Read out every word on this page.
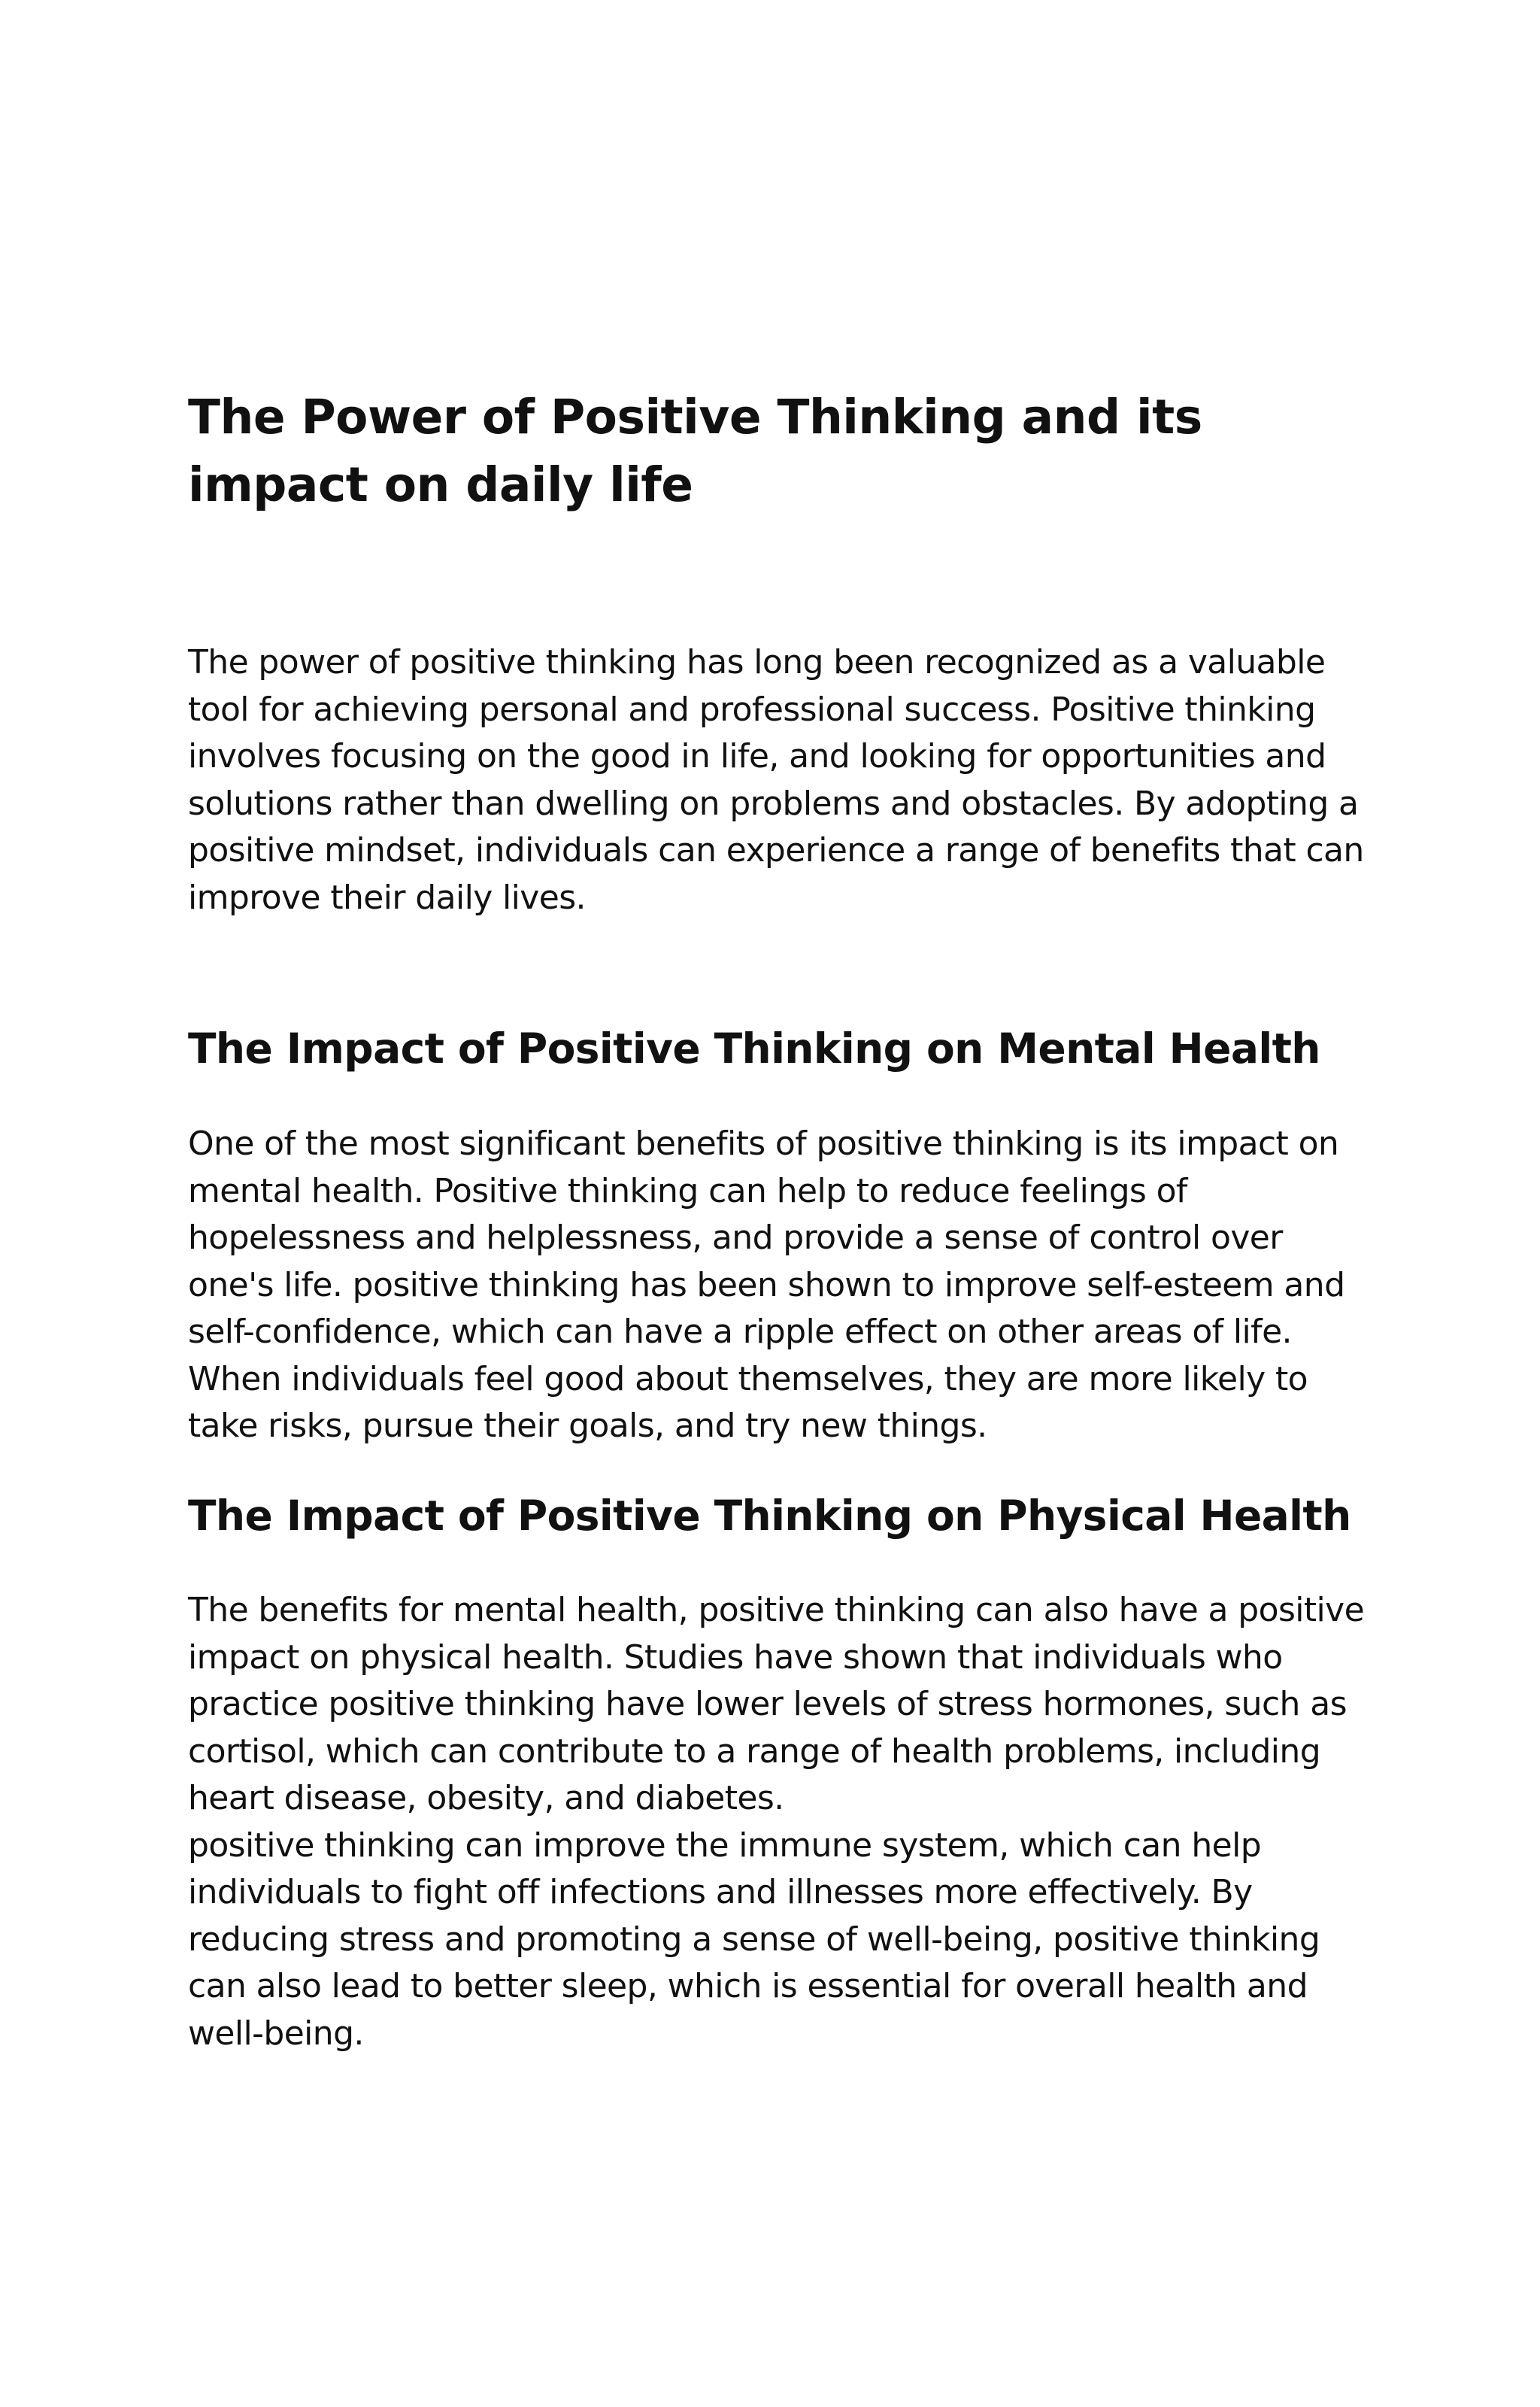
The Power of Positive Thinking and its impact on daily life

The power of positive thinking has long been recognized as a valuable tool for achieving personal and professional success. Positive thinking involves focusing on the good in life, and looking for opportunities and solutions rather than dwelling on problems and obstacles. By adopting a positive mindset, individuals can experience a range of benefits that can improve their daily lives.

The Impact of Positive Thinking on Mental Health

One of the most significant benefits of positive thinking is its impact on mental health. Positive thinking can help to reduce feelings of hopelessness and helplessness, and provide a sense of control over one's life. positive thinking has been shown to improve self-esteem and self-confidence, which can have a ripple effect on other areas of life. When individuals feel good about themselves, they are more likely to take risks, pursue their goals, and try new things.

The Impact of Positive Thinking on Physical Health

The benefits for mental health, positive thinking can also have a positive impact on physical health. Studies have shown that individuals who practice positive thinking have lower levels of stress hormones, such as cortisol, which can contribute to a range of health problems, including heart disease, obesity, and diabetes.
positive thinking can improve the immune system, which can help individuals to fight off infections and illnesses more effectively. By reducing stress and promoting a sense of well-being, positive thinking can also lead to better sleep, which is essential for overall health and well-being.
